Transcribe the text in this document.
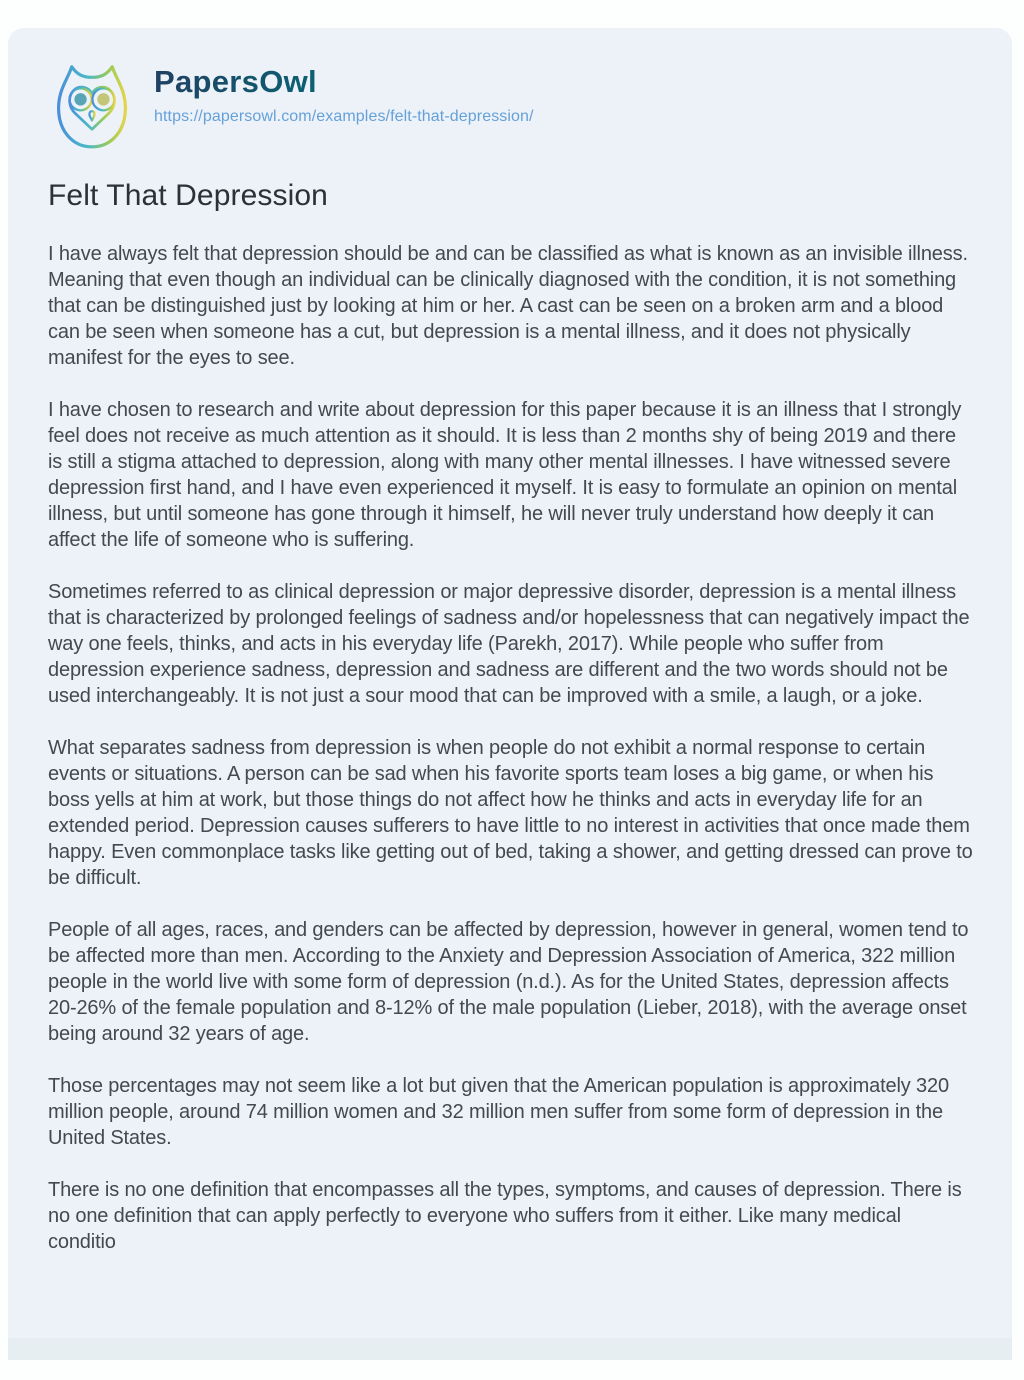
PapersOwl
https://papersowl.com/examples/felt-that-depression/
Felt That Depression

I have always felt that depression should be and can be classified as what is known as an invisible illness. Meaning that even though an individual can be clinically diagnosed with the condition, it is not something that can be distinguished just by looking at him or her. A cast can be seen on a broken arm and a blood can be seen when someone has a cut, but depression is a mental illness, and it does not physically manifest for the eyes to see.

I have chosen to research and write about depression for this paper because it is an illness that I strongly feel does not receive as much attention as it should. It is less than 2 months shy of being 2019 and there is still a stigma attached to depression, along with many other mental illnesses. I have witnessed severe depression first hand, and I have even experienced it myself. It is easy to formulate an opinion on mental illness, but until someone has gone through it himself, he will never truly understand how deeply it can affect the life of someone who is suffering.

Sometimes referred to as clinical depression or major depressive disorder, depression is a mental illness that is characterized by prolonged feelings of sadness and/or hopelessness that can negatively impact the way one feels, thinks, and acts in his everyday life (Parekh, 2017). While people who suffer from depression experience sadness, depression and sadness are different and the two words should not be used interchangeably. It is not just a sour mood that can be improved with a smile, a laugh, or a joke.

What separates sadness from depression is when people do not exhibit a normal response to certain events or situations. A person can be sad when his favorite sports team loses a big game, or when his boss yells at him at work, but those things do not affect how he thinks and acts in everyday life for an extended period. Depression causes sufferers to have little to no interest in activities that once made them happy. Even commonplace tasks like getting out of bed, taking a shower, and getting dressed can prove to be difficult.

People of all ages, races, and genders can be affected by depression, however in general, women tend to be affected more than men. According to the Anxiety and Depression Association of America, 322 million people in the world live with some form of depression (n.d.). As for the United States, depression affects 20-26% of the female population and 8-12% of the male population (Lieber, 2018), with the average onset being around 32 years of age.

Those percentages may not seem like a lot but given that the American population is approximately 320 million people, around 74 million women and 32 million men suffer from some form of depression in the United States.

There is no one definition that encompasses all the types, symptoms, and causes of depression. There is no one definition that can apply perfectly to everyone who suffers from it either. Like many medical conditio
